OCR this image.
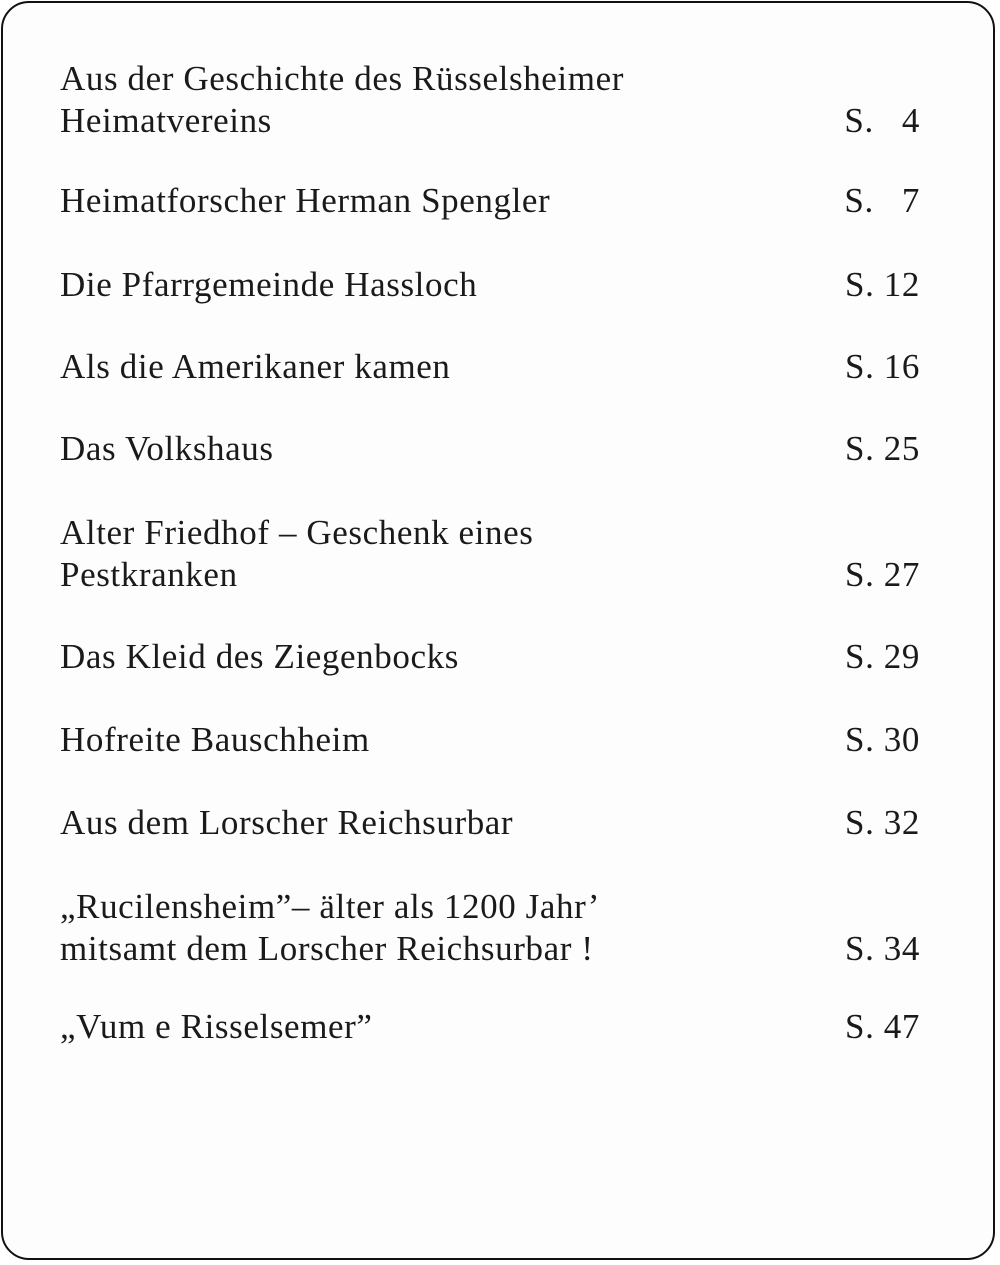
Aus der Geschichte des Rüsselsheimer
Heimatvereins	S.   4
Heimatforscher Herman Spengler	S.   7
Die Pfarrgemeinde Hassloch	S. 12
Als die Amerikaner kamen	S. 16
Das Volkshaus	S. 25
Alter Friedhof – Geschenk eines
Pestkranken	S. 27
Das Kleid des Ziegenbocks	S. 29
Hofreite Bauschheim	S. 30
Aus dem Lorscher Reichsurbar	S. 32
„Rucilensheim”– älter als 1200 Jahr’
mitsamt dem Lorscher Reichsurbar !	S. 34
„Vum e Risselsemer”	S. 47
